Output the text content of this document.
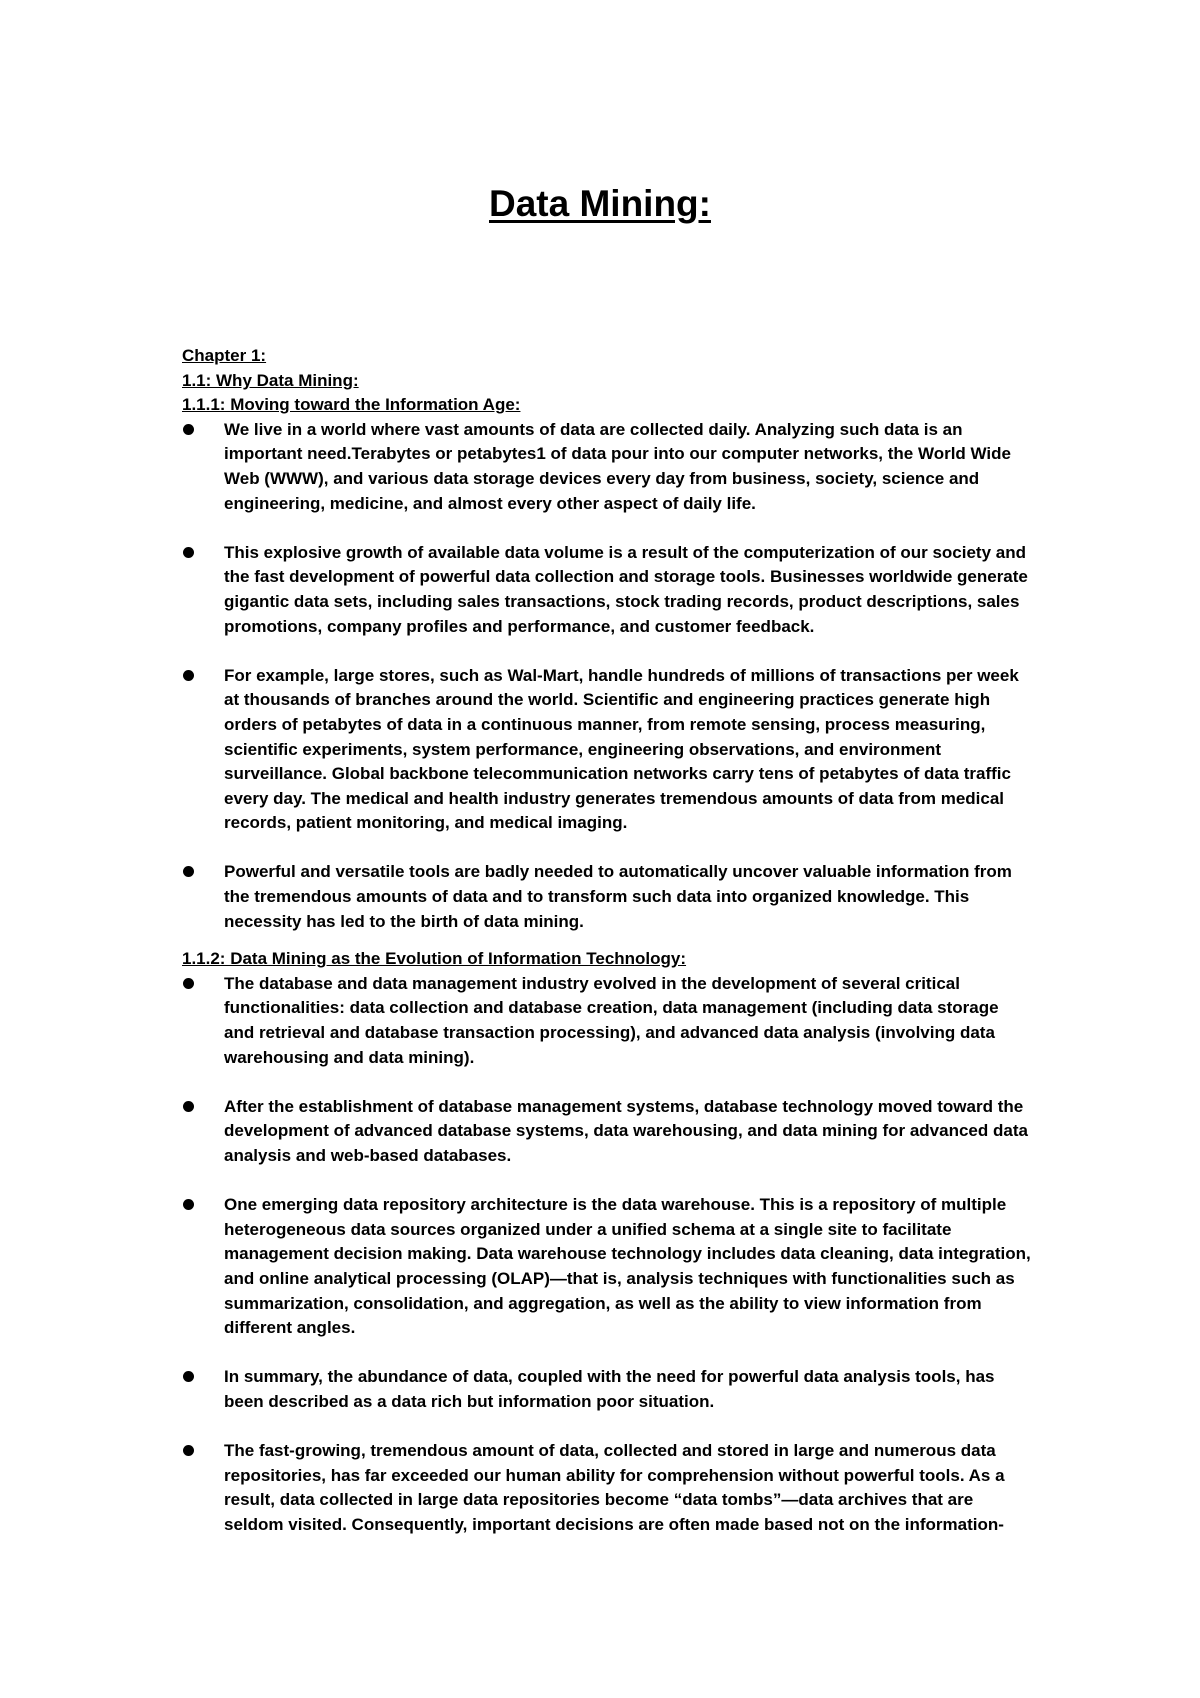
Data Mining:

Chapter 1:

1.1: Why Data Mining:

1.1.1: Moving toward the Information Age:

We live in a world where vast amounts of data are collected daily. Analyzing such data is an important need.Terabytes or petabytes1 of data pour into our computer networks, the World Wide Web (WWW), and various data storage devices every day from business, society, science and engineering, medicine, and almost every other aspect of daily life.
This explosive growth of available data volume is a result of the computerization of our society and the fast development of powerful data collection and storage tools. Businesses worldwide generate gigantic data sets, including sales transactions, stock trading records, product descriptions, sales promotions, company profiles and performance, and customer feedback.
For example, large stores, such as Wal-Mart, handle hundreds of millions of transactions per week at thousands of branches around the world. Scientific and engineering practices generate high orders of petabytes of data in a continuous manner, from remote sensing, process measuring, scientific experiments, system performance, engineering observations, and environment surveillance. Global backbone telecommunication networks carry tens of petabytes of data traffic every day. The medical and health industry generates tremendous amounts of data from medical records, patient monitoring, and medical imaging.
Powerful and versatile tools are badly needed to automatically uncover valuable information from the tremendous amounts of data and to transform such data into organized knowledge. This necessity has led to the birth of data mining.

1.1.2: Data Mining as the Evolution of Information Technology:

The database and data management industry evolved in the development of several critical functionalities: data collection and database creation, data management (including data storage and retrieval and database transaction processing), and advanced data analysis (involving data warehousing and data mining).
After the establishment of database management systems, database technology moved toward the development of advanced database systems, data warehousing, and data mining for advanced data analysis and web-based databases.
One emerging data repository architecture is the data warehouse. This is a repository of multiple heterogeneous data sources organized under a unified schema at a single site to facilitate management decision making. Data warehouse technology includes data cleaning, data integration, and online analytical processing (OLAP)—that is, analysis techniques with functionalities such as summarization, consolidation, and aggregation, as well as the ability to view information from different angles.
In summary, the abundance of data, coupled with the need for powerful data analysis tools, has been described as a data rich but information poor situation.
The fast-growing, tremendous amount of data, collected and stored in large and numerous data repositories, has far exceeded our human ability for comprehension without powerful tools. As a result, data collected in large data repositories become “data tombs”—data archives that are seldom visited. Consequently, important decisions are often made based not on the information-
